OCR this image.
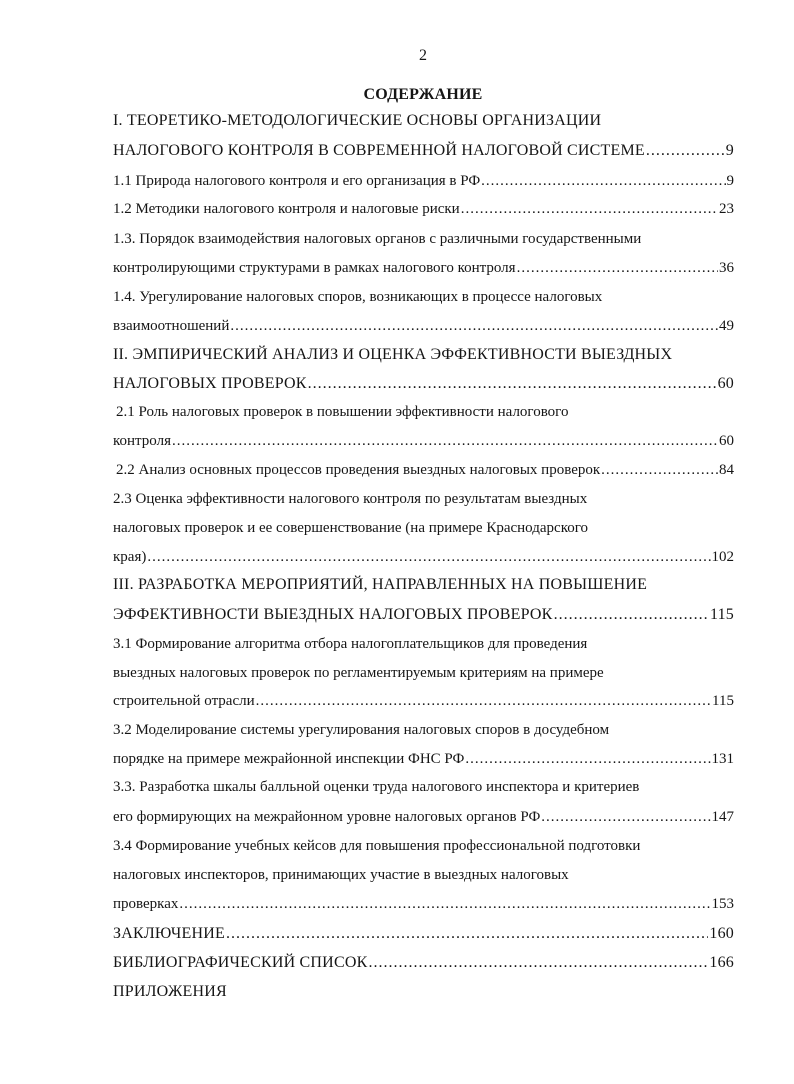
2
СОДЕРЖАНИЕ
I. ТЕОРЕТИКО-МЕТОДОЛОГИЧЕСКИЕ ОСНОВЫ ОРГАНИЗАЦИИ
НАЛОГОВОГО КОНТРОЛЯ В СОВРЕМЕННОЙ НАЛОГОВОЙ СИСТЕМЕ .....	9
1.1 Природа налогового контроля и его организация в РФ .....	9
1.2 Методики налогового контроля и налоговые риски .....	23
1.3. Порядок взаимодействия налоговых органов с различными государственными
контролирующими структурами в рамках налогового контроля .....	36
1.4. Урегулирование налоговых споров, возникающих в процессе налоговых
взаимоотношений .....	49
II. ЭМПИРИЧЕСКИЙ АНАЛИЗ И ОЦЕНКА ЭФФЕКТИВНОСТИ ВЫЕЗДНЫХ
НАЛОГОВЫХ ПРОВЕРОК .....	60
2.1 Роль налоговых проверок в повышении эффективности налогового
контроля .....	60
2.2 Анализ основных процессов проведения выездных налоговых проверок .....	84
2.3 Оценка эффективности налогового контроля по результатам выездных
налоговых проверок и ее совершенствование (на примере Краснодарского
края) .....	102
III. РАЗРАБОТКА МЕРОПРИЯТИЙ, НАПРАВЛЕННЫХ НА ПОВЫШЕНИЕ
ЭФФЕКТИВНОСТИ ВЫЕЗДНЫХ НАЛОГОВЫХ ПРОВЕРОК .....	115
3.1 Формирование алгоритма отбора налогоплательщиков для проведения
выездных налоговых проверок по регламентируемым критериям на примере
строительной отрасли .....	115
3.2 Моделирование системы урегулирования налоговых споров в досудебном
порядке на примере межрайонной инспекции ФНС РФ .....	131
3.3. Разработка шкалы балльной оценки труда налогового инспектора и критериев
его формирующих на межрайонном уровне налоговых органов РФ .....	147
3.4 Формирование учебных кейсов для повышения профессиональной подготовки
налоговых инспекторов, принимающих участие в выездных налоговых
проверках .....	153
ЗАКЛЮЧЕНИЕ .....	160
БИБЛИОГРАФИЧЕСКИЙ СПИСОК .....	166
ПРИЛОЖЕНИЯ
